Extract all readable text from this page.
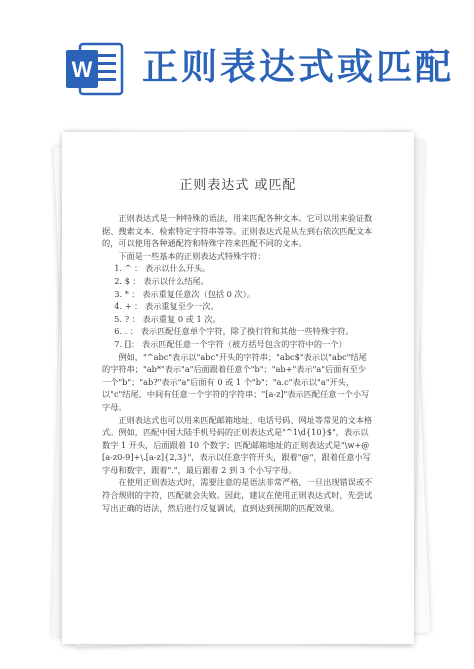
W 正则表达式或匹配
正则表达式 或匹配

正则表达式是一种特殊的语法，用来匹配各种文本。它可以用来验证数据、搜索文本、检索特定字符串等等。正则表达式是从左到右依次匹配文本的，可以使用各种通配符和特殊字符来匹配不同的文本。

下面是一些基本的正则表达式特殊字符：

1. ^ ： 表示以什么开头。

2. $ ： 表示以什么结尾。

3. * ： 表示重复任意次（包括 0 次）。

4. + ： 表示重复至少一次。

5. ? ： 表示重复 0 或 1 次。

6. . ： 表示匹配任意单个字符，除了换行符和其他一些特殊字符。

7. []： 表示匹配任意一个字符（被方括号包含的字符中的一个）

例如，"^abc"表示以"abc"开头的字符串；"abc$"表示以"abc"结尾的字符串；"ab*"表示"a"后面跟着任意个"b"；"ab+"表示"a"后面有至少一个"b"；"ab?"表示"a"后面有 0 或 1 个"b"；"a.c"表示以"a"开头，以"c"结尾，中间有任意一个字符的字符串；"[a-z]"表示匹配任意一个小写字母。

正则表达式也可以用来匹配邮箱地址、电话号码、网址等常见的文本格式。例如，匹配中国大陆手机号码的正则表达式是"^1\d{10}$"，表示以数字 1 开头，后面跟着 10 个数字；匹配邮箱地址的正则表达式是"\w+@[a-z0-9]+\.[a-z]{2,3}"，表示以任意字符开头，跟着"@"，跟着任意小写字母和数字，跟着"."，最后跟着 2 到 3 个小写字母。

在使用正则表达式时，需要注意的是语法非常严格，一旦出现错误或不符合规则的字符，匹配就会失败。因此，建议在使用正则表达式时，先尝试写出正确的语法，然后进行反复调试，直到达到预期的匹配效果。
